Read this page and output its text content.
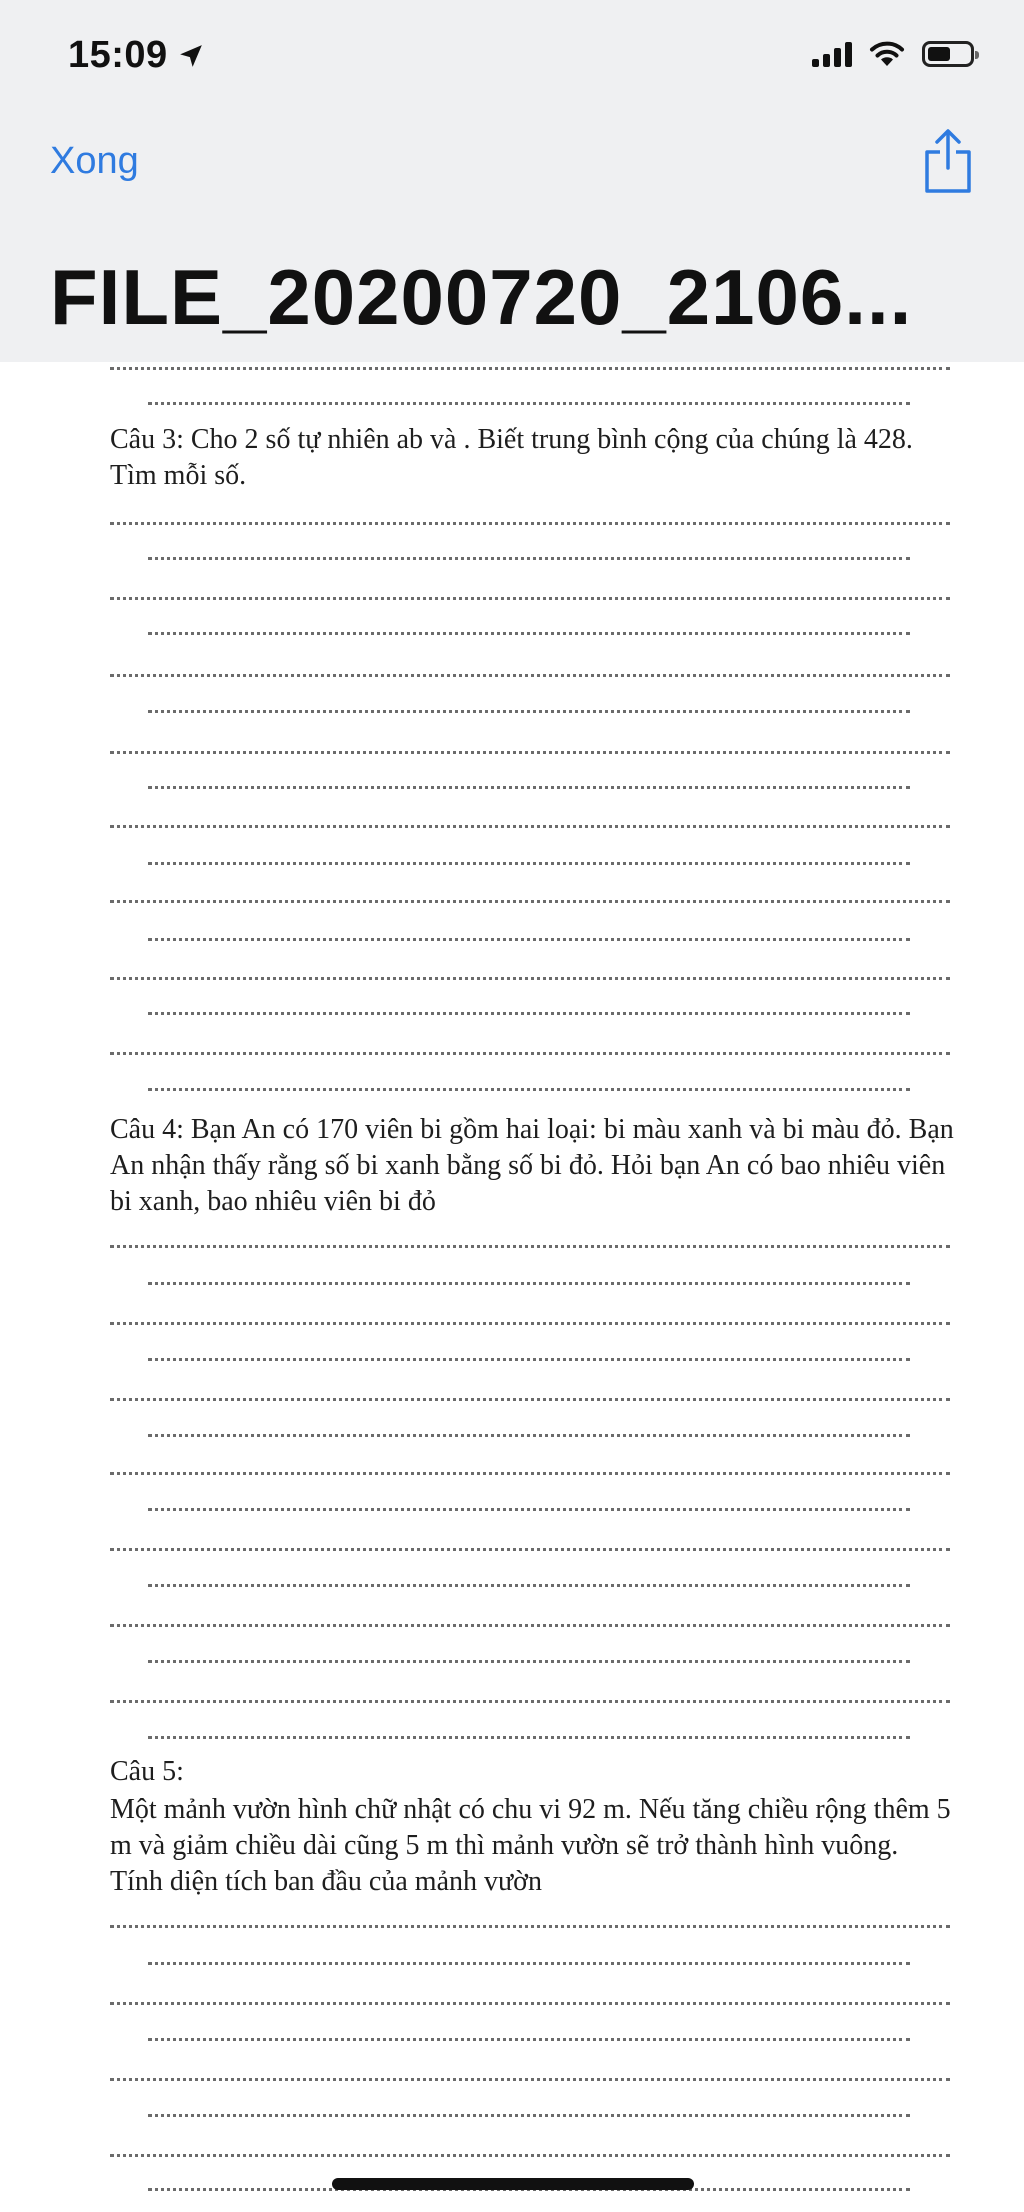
15:09
Xong
FILE_20200720_2106...
Câu 3: Cho 2 số tự nhiên ab và . Biết trung bình cộng của chúng là 428. Tìm mỗi số.
Câu 4: Bạn An có 170 viên bi gồm hai loại: bi màu xanh và bi màu đỏ. Bạn An nhận thấy rằng số bi xanh bằng số bi đỏ. Hỏi bạn An có bao nhiêu viên bi xanh, bao nhiêu viên bi đỏ
Câu 5:
Một mảnh vườn hình chữ nhật có chu vi 92 m. Nếu tăng chiều rộng thêm 5 m và giảm chiều dài cũng 5 m thì mảnh vườn sẽ trở thành hình vuông. Tính diện tích ban đầu của mảnh vườn
